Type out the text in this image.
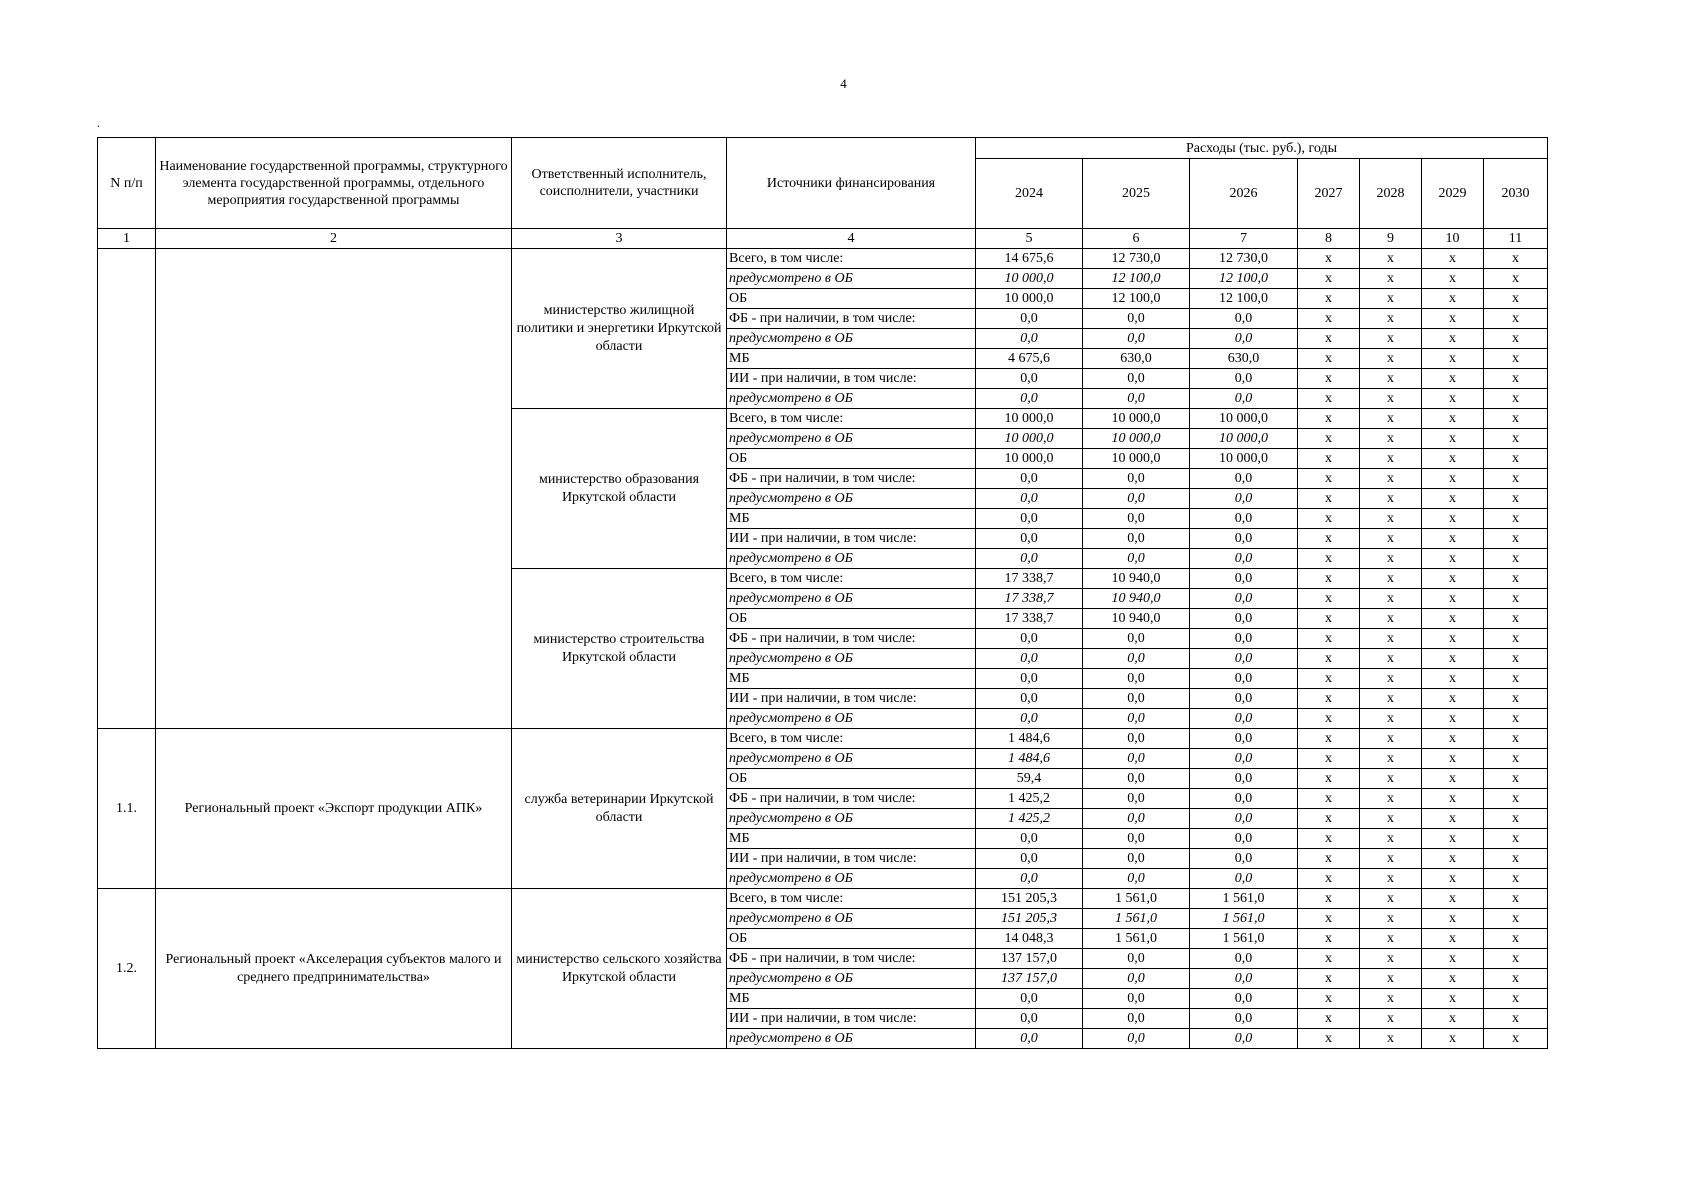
4
.
N п/п	Наименование государственной программы, структурного элемента государственной программы, отдельного мероприятия государственной программы	Ответственный исполнитель, соисполнители, участники	Источники финансирования	Расходы (тыс. руб.), годы						
				2024	2025	2026	2027	2028	2029	2030
1	2	3	4	5	6	7	8	9	10	11
		министерство жилищной политики и энергетики Иркутской области	Всего, в том числе:	14 675,6	12 730,0	12 730,0	x	x	x	x
			предусмотрено в ОБ	10 000,0	12 100,0	12 100,0	x	x	x	x
			ОБ	10 000,0	12 100,0	12 100,0	x	x	x	x
			ФБ - при наличии, в том числе:	0,0	0,0	0,0	x	x	x	x
			предусмотрено в ОБ	0,0	0,0	0,0	x	x	x	x
			МБ	4 675,6	630,0	630,0	x	x	x	x
			ИИ - при наличии, в том числе:	0,0	0,0	0,0	x	x	x	x
			предусмотрено в ОБ	0,0	0,0	0,0	x	x	x	x
		министерство образования Иркутской области	Всего, в том числе:	10 000,0	10 000,0	10 000,0	x	x	x	x
			предусмотрено в ОБ	10 000,0	10 000,0	10 000,0	x	x	x	x
			ОБ	10 000,0	10 000,0	10 000,0	x	x	x	x
			ФБ - при наличии, в том числе:	0,0	0,0	0,0	x	x	x	x
			предусмотрено в ОБ	0,0	0,0	0,0	x	x	x	x
			МБ	0,0	0,0	0,0	x	x	x	x
			ИИ - при наличии, в том числе:	0,0	0,0	0,0	x	x	x	x
			предусмотрено в ОБ	0,0	0,0	0,0	x	x	x	x
		министерство строительства Иркутской области	Всего, в том числе:	17 338,7	10 940,0	0,0	x	x	x	x
			предусмотрено в ОБ	17 338,7	10 940,0	0,0	x	x	x	x
			ОБ	17 338,7	10 940,0	0,0	x	x	x	x
			ФБ - при наличии, в том числе:	0,0	0,0	0,0	x	x	x	x
			предусмотрено в ОБ	0,0	0,0	0,0	x	x	x	x
			МБ	0,0	0,0	0,0	x	x	x	x
			ИИ - при наличии, в том числе:	0,0	0,0	0,0	x	x	x	x
			предусмотрено в ОБ	0,0	0,0	0,0	x	x	x	x
1.1.	Региональный проект «Экспорт продукции АПК»	служба ветеринарии Иркутской области	Всего, в том числе:	1 484,6	0,0	0,0	x	x	x	x
			предусмотрено в ОБ	1 484,6	0,0	0,0	x	x	x	x
			ОБ	59,4	0,0	0,0	x	x	x	x
			ФБ - при наличии, в том числе:	1 425,2	0,0	0,0	x	x	x	x
			предусмотрено в ОБ	1 425,2	0,0	0,0	x	x	x	x
			МБ	0,0	0,0	0,0	x	x	x	x
			ИИ - при наличии, в том числе:	0,0	0,0	0,0	x	x	x	x
			предусмотрено в ОБ	0,0	0,0	0,0	x	x	x	x
1.2.	Региональный проект «Акселерация субъектов малого и среднего предпринимательства»	министерство сельского хозяйства Иркутской области	Всего, в том числе:	151 205,3	1 561,0	1 561,0	x	x	x	x
			предусмотрено в ОБ	151 205,3	1 561,0	1 561,0	x	x	x	x
			ОБ	14 048,3	1 561,0	1 561,0	x	x	x	x
			ФБ - при наличии, в том числе:	137 157,0	0,0	0,0	x	x	x	x
			предусмотрено в ОБ	137 157,0	0,0	0,0	x	x	x	x
			МБ	0,0	0,0	0,0	x	x	x	x
			ИИ - при наличии, в том числе:	0,0	0,0	0,0	x	x	x	x
			предусмотрено в ОБ	0,0	0,0	0,0	x	x	x	x
